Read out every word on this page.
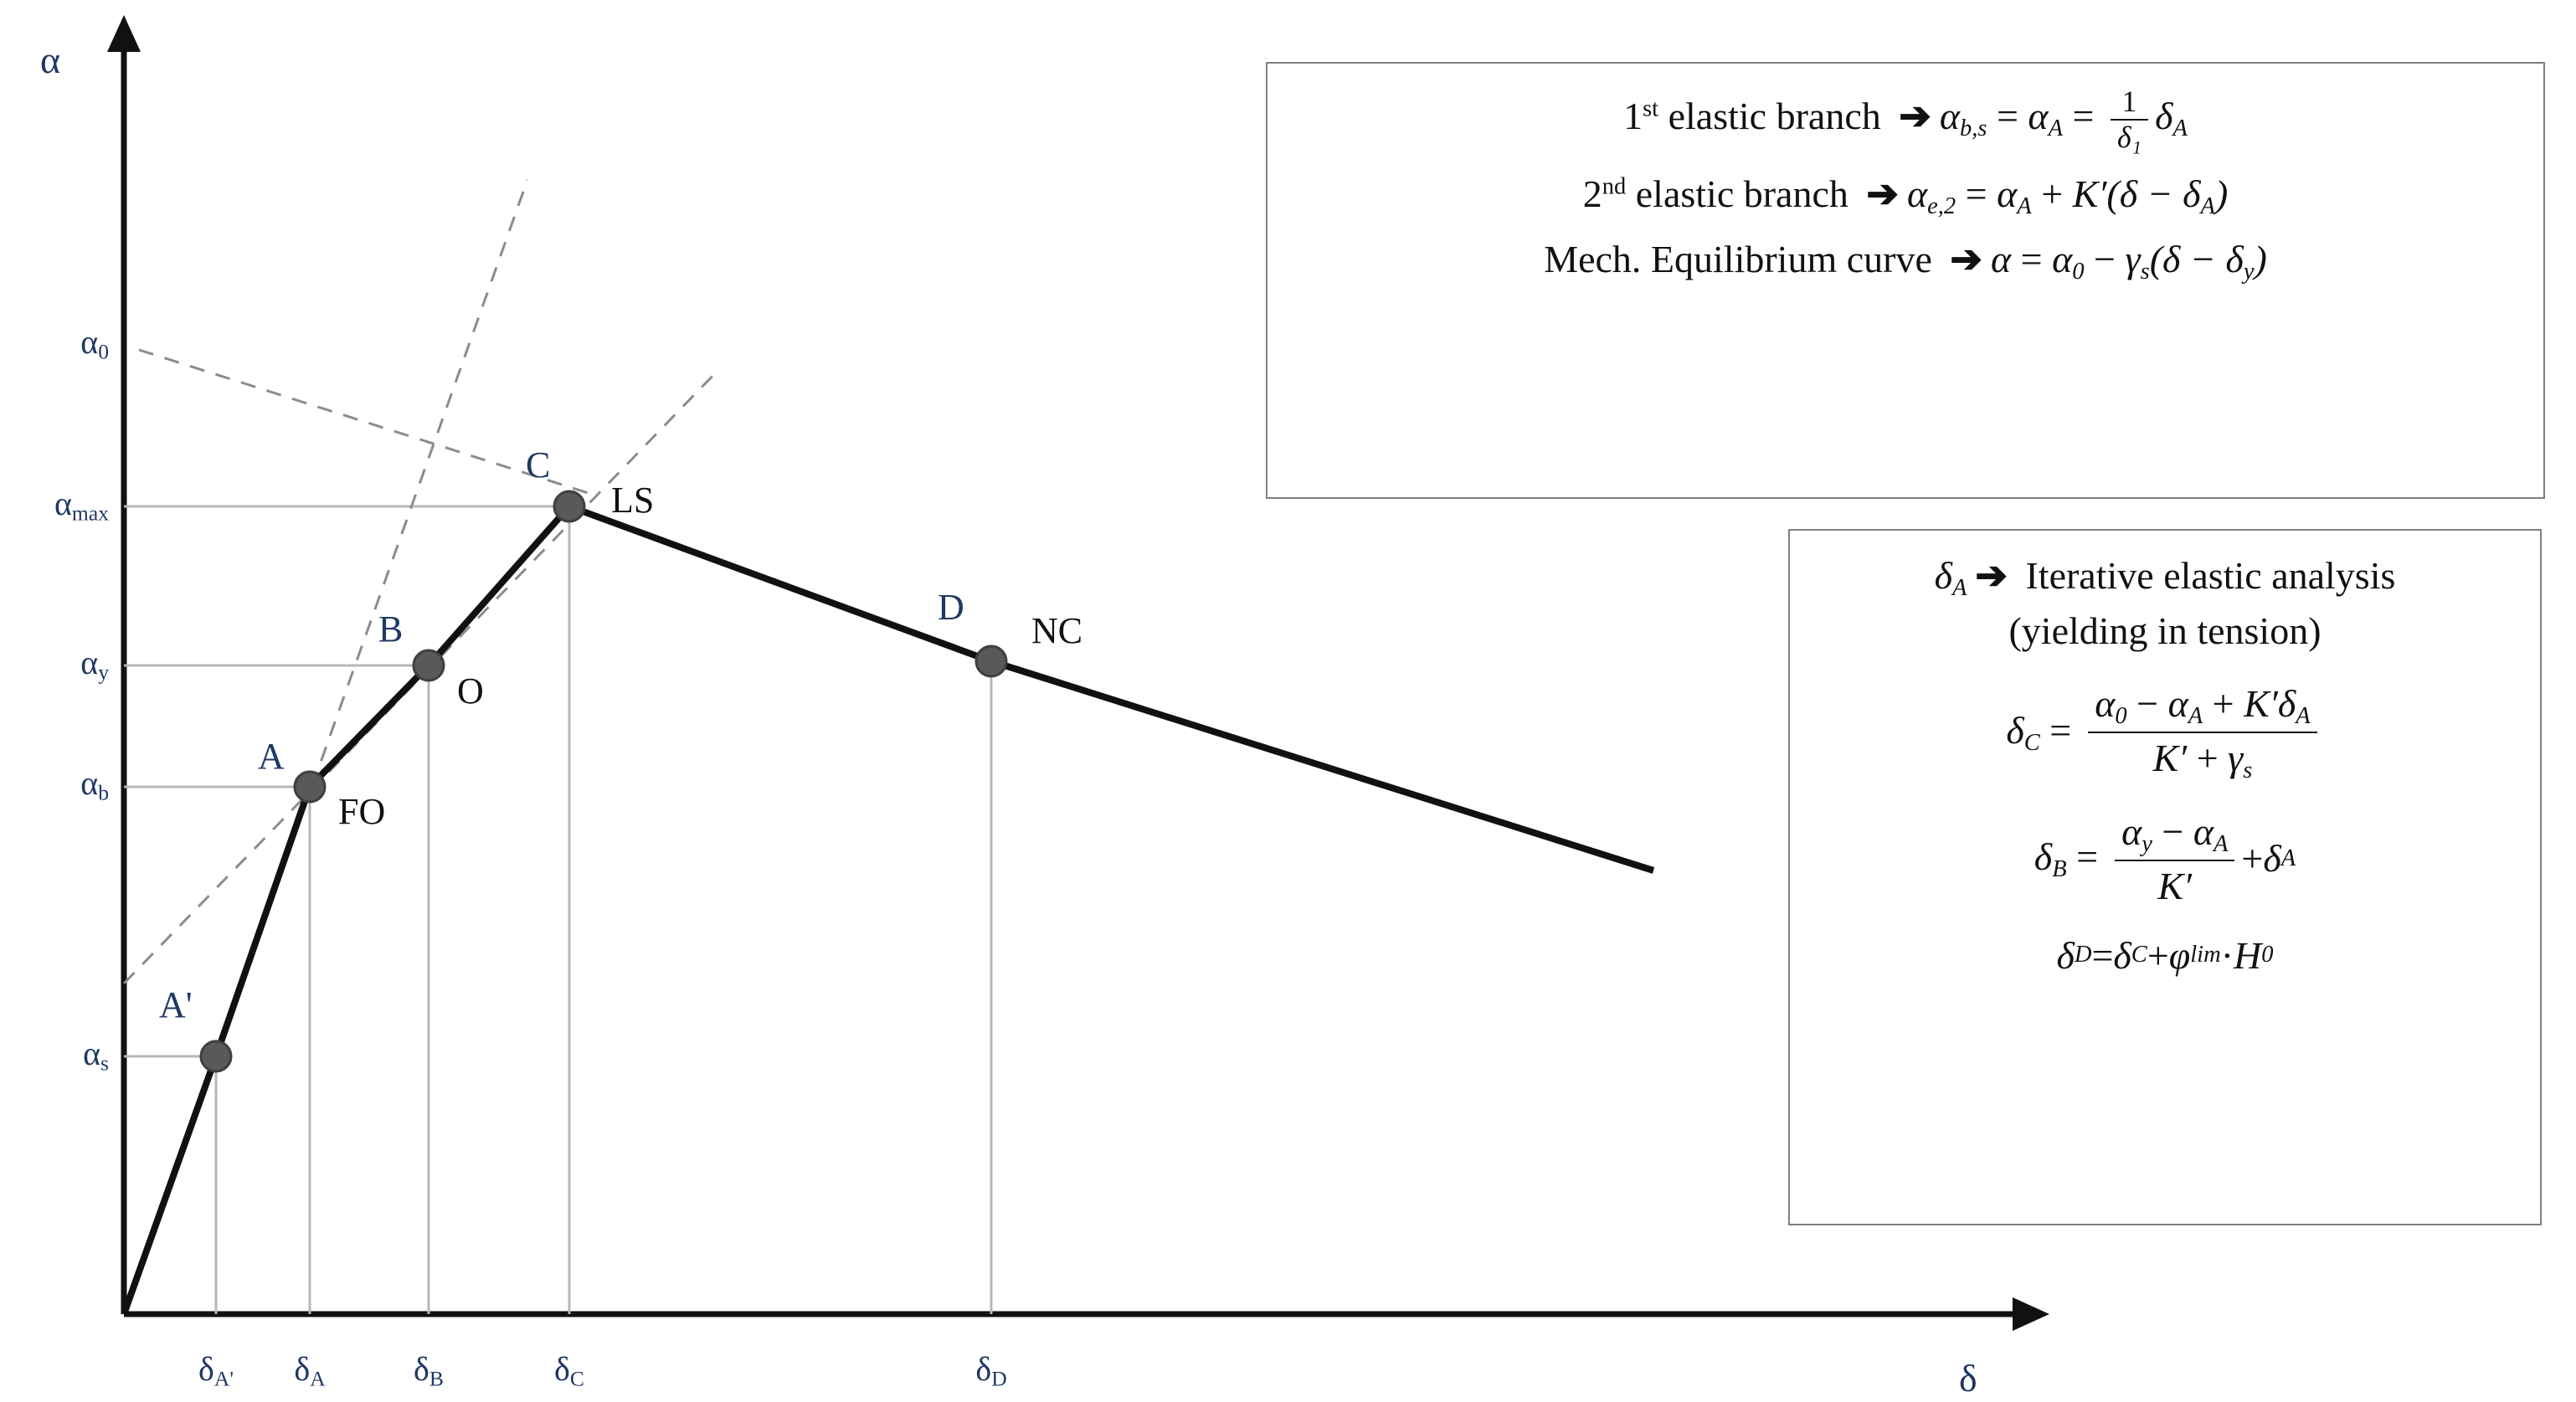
α
δ
$\alpha_0$
$\alpha_{max}$
$\alpha_y$
$\alpha_b$
$\alpha_s$
$\delta_{A'}$	$\delta_A$	$\delta_B$	$\delta_C$	$\delta_D$
A'
A
B
C
D
FO
O
LS
NC
1st elastic branch ➔ $\alpha b,s = \alpha A = \frac{1}{\text{δ₁}}$ δA
2nd elastic branch ➔ αe,2 = αA + K′(δ − δA)
Mech. Equilibrium curve ➔ α = α0 − γs(δ − δy)
δA ➔ Iterative elastic analysis
(yielding in tension)
$\delta C = \frac{\alpha 0 - \alpha A + K'\delta A}{K' + \gamma s}$
$\delta B = \frac{\alpha y - \alpha A}{K'} + \delta$ A
δ D = δ C + φ lim · H 0
